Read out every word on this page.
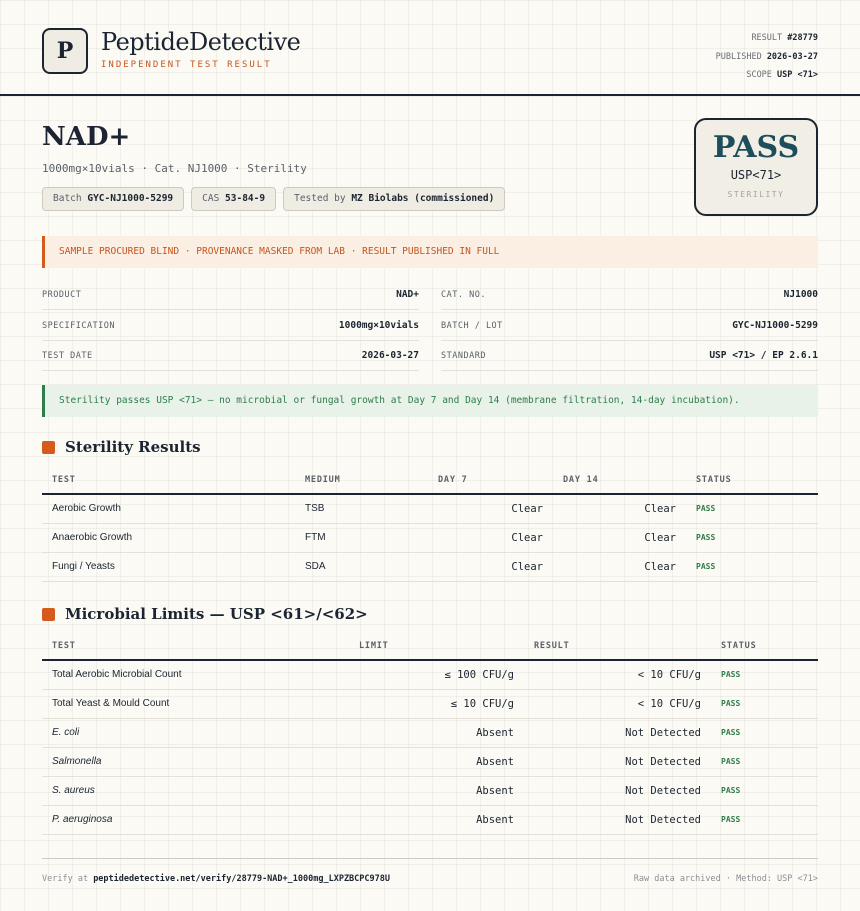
P	PeptideDetective
INDEPENDENT TEST RESULT
RESULT #28779
PUBLISHED 2026-03-27
SCOPE USP <71>
NAD+
1000mg×10vials · Cat. NJ1000 · Sterility
Batch GYC-NJ1000-5299	CAS 53-84-9	Tested by MZ Biolabs (commissioned)
PASS
USP<71>
STERILITY
SAMPLE PROCURED BLIND · PROVENANCE MASKED FROM LAB · RESULT PUBLISHED IN FULL
PRODUCT	NAD+
SPECIFICATION	1000mg×10vials
TEST DATE	2026-03-27
CAT. NO.	NJ1000
BATCH / LOT	GYC-NJ1000-5299
STANDARD	USP <71> / EP 2.6.1
Sterility passes USP <71> — no microbial or fungal growth at Day 7 and Day 14 (membrane filtration, 14-day incubation).
Sterility Results
TEST	MEDIUM	DAY 7	DAY 14	STATUS
Aerobic Growth	TSB	Clear	Clear	PASS
Anaerobic Growth	FTM	Clear	Clear	PASS
Fungi / Yeasts	SDA	Clear	Clear	PASS
Microbial Limits — USP <61>/<62>
TEST	LIMIT	RESULT	STATUS
Total Aerobic Microbial Count	≤ 100 CFU/g	< 10 CFU/g	PASS
Total Yeast & Mould Count	≤ 10 CFU/g	< 10 CFU/g	PASS
E. coli	Absent	Not Detected	PASS
Salmonella	Absent	Not Detected	PASS
S. aureus	Absent	Not Detected	PASS
P. aeruginosa	Absent	Not Detected	PASS
Verify at peptidedetective.net/verify/28779-NAD+_1000mg_LXPZBCPC978U	Raw data archived · Method: USP <71>
